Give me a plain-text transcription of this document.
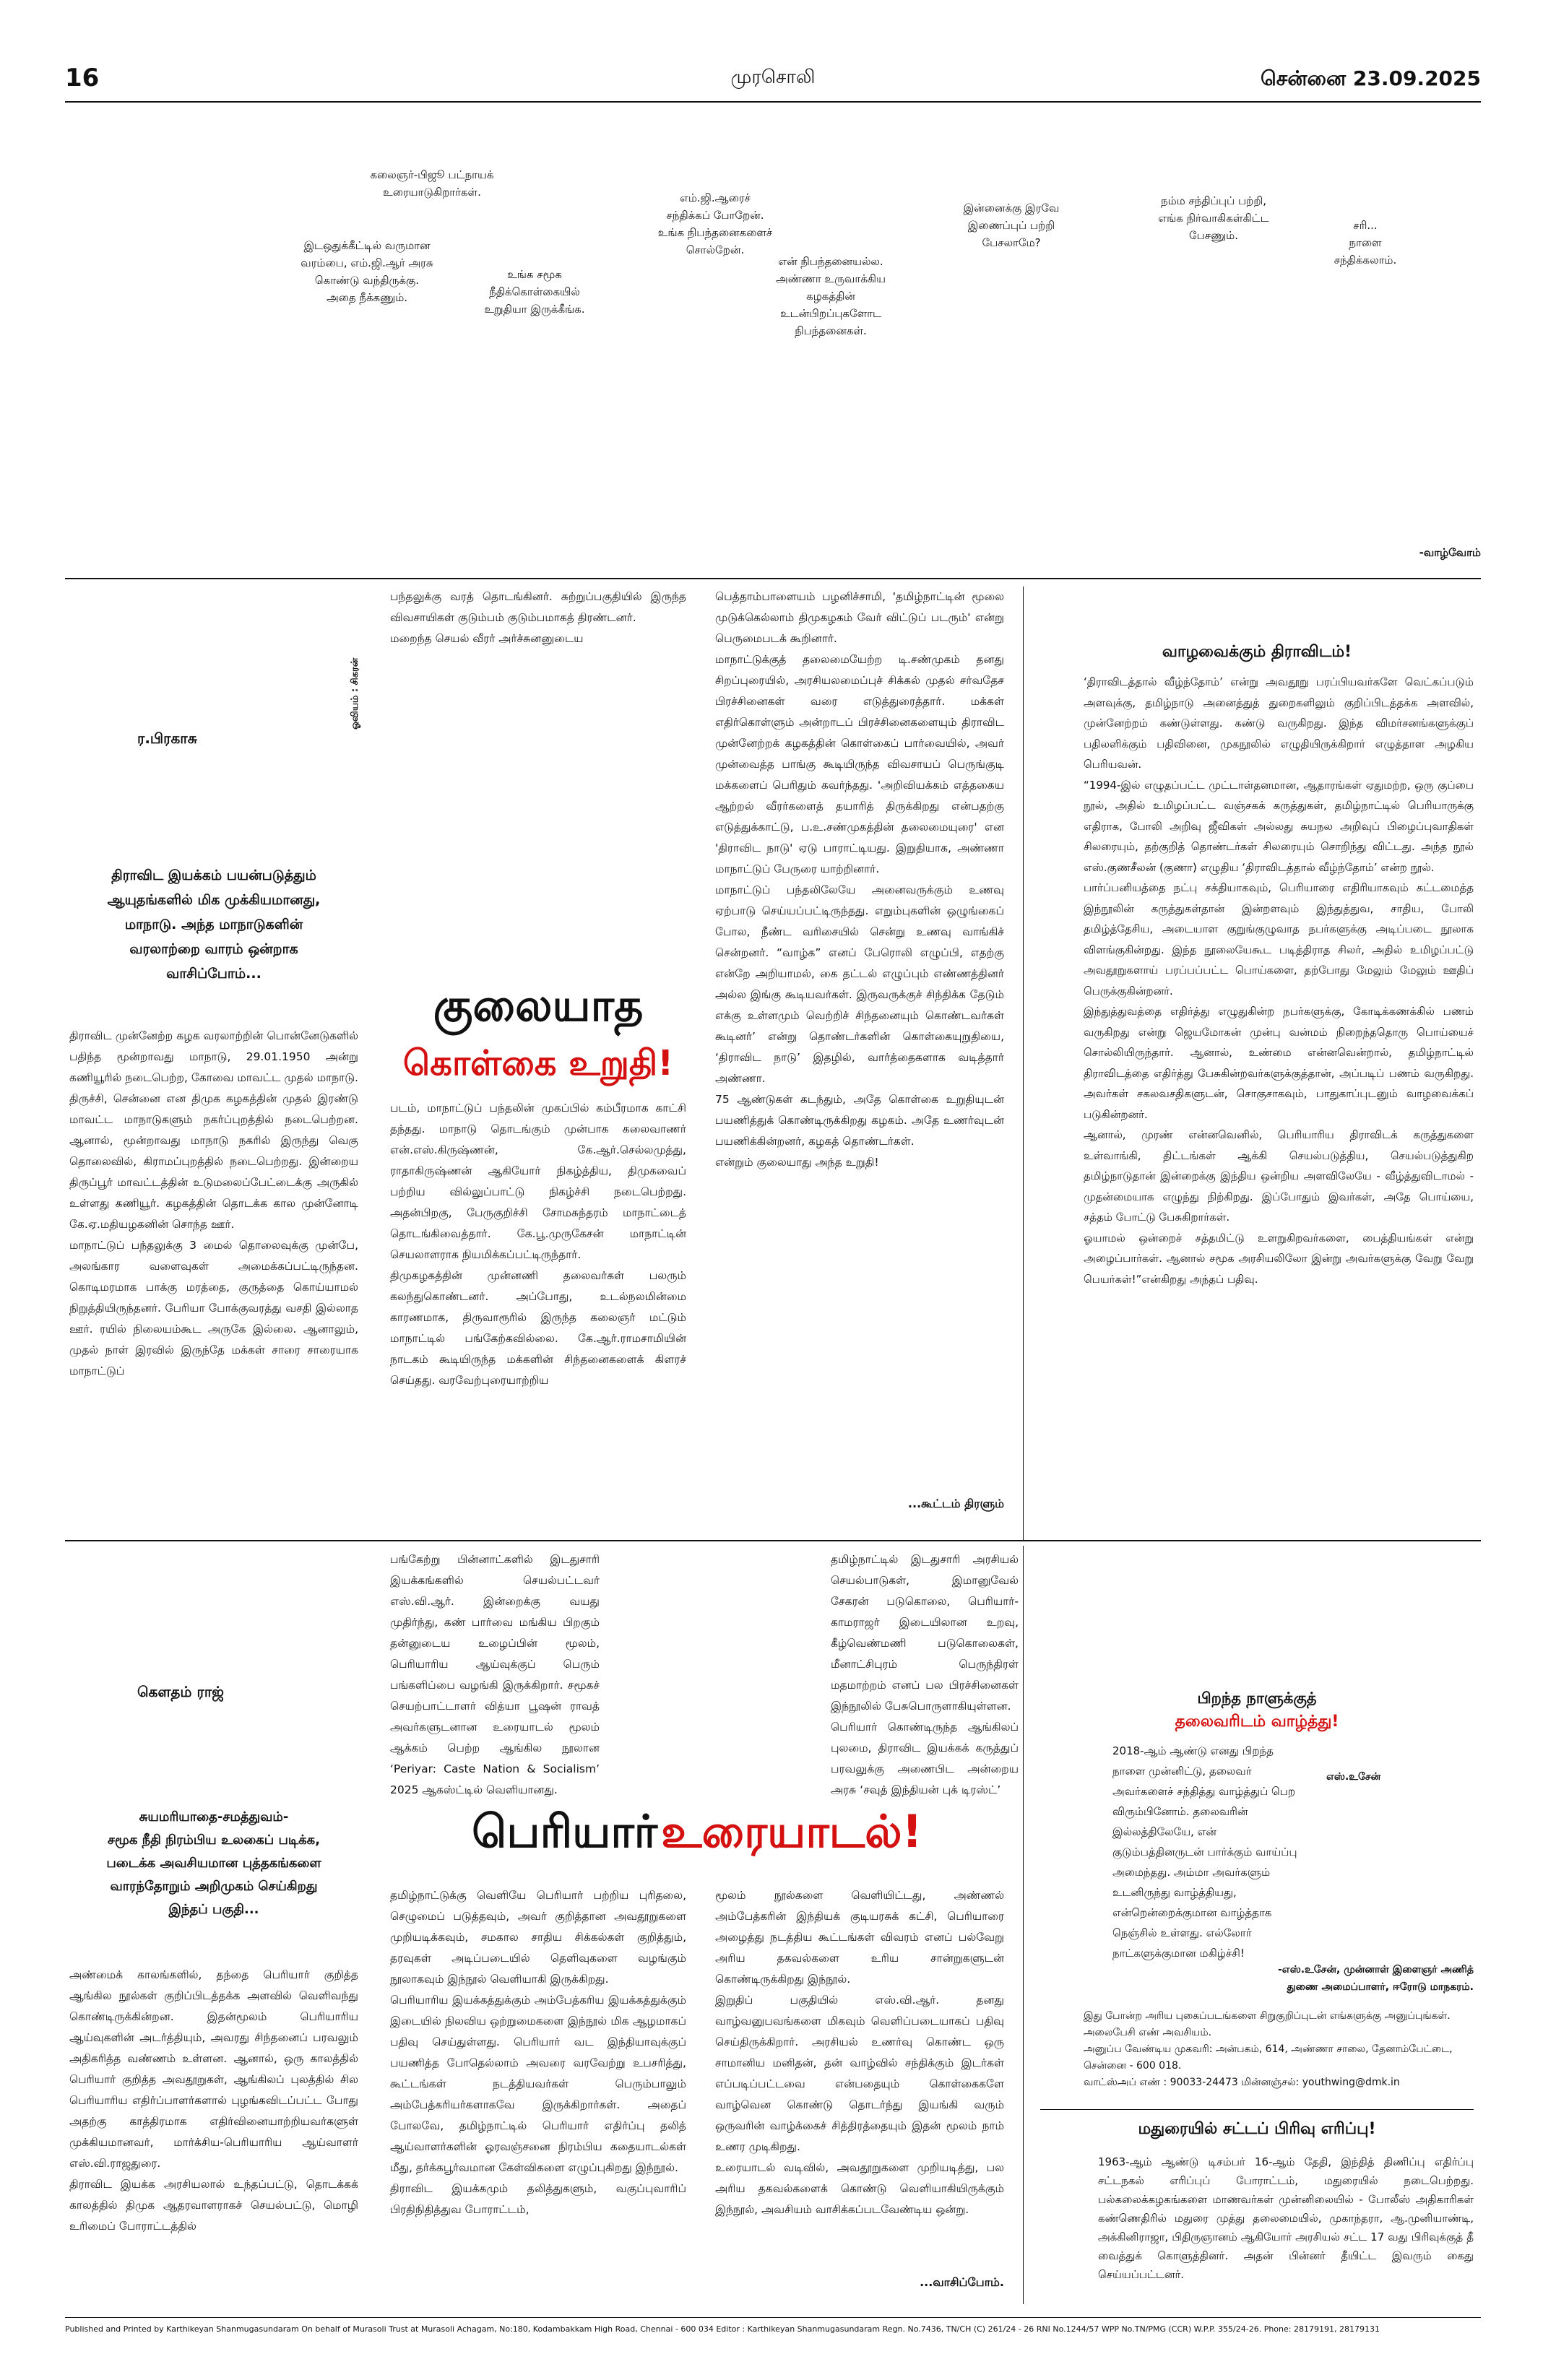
16	முரசொலி	சென்னை 23.09.2025
கலைஞர்-பிஜூ பட்நாயக்
உரையாடுகிறார்கள்.
இடஒதுக்கீட்டில் வருமான
வரம்பை, எம்.ஜி.ஆர் அரசு
கொண்டு வந்திருக்கு.
அதை நீக்கணும்.
உங்க சமூக
நீதிக்கொள்கையில்
உறுதியா இருக்கீங்க.
எம்.ஜி.ஆரைச்
சந்திக்கப் போறேன்.
உங்க நிபந்தனைகளைச்
சொல்றேன்.
என் நிபந்தனையல்ல.
அண்ணா உருவாக்கிய
கழகத்தின்
உடன்பிறப்புகளோட
நிபந்தனைகள்.
இன்னைக்கு இரவே
இணைப்புப் பற்றி
பேசலாமே?
நம்ம சந்திப்புப் பற்றி,
எங்க நிர்வாகிகள்கிட்ட
பேசணும்.
சரி...
நாளை
சந்திக்கலாம்.
-வாழ்வோம்
ர.பிரகாசு
ஓவியம் : சிகரன்
திராவிட இயக்கம் பயன்படுத்தும்
ஆயுதங்களில் மிக முக்கியமானது,
மாநாடு. அந்த மாநாடுகளின்
வரலாற்றை வாரம் ஒன்றாக
வாசிப்போம்...
திராவிட முன்னேற்ற கழக வரலாற்றின் பொன்னேடுகளில் பதிந்த மூன்றாவது மாநாடு, 29.01.1950 அன்று கணியூரில் நடைபெற்ற, கோவை மாவட்ட முதல் மாநாடு. திருச்சி, சென்னை என திமுக கழகத்தின் முதல் இரண்டு மாவட்ட மாநாடுகளும் நகர்ப்புறத்தில் நடைபெற்றன. ஆனால், மூன்றாவது மாநாடு நகரில் இருந்து வெகு தொலைவில், கிராமப்புறத்தில் நடைபெற்றது. இன்றைய திருப்பூர் மாவட்டத்தின் உடுமலைப்பேட்டைக்கு அருகில் உள்ளது கணியூர். கழகத்தின் தொடக்க கால முன்னோடி கே.ஏ.மதியழகனின் சொந்த ஊர்.
மாநாட்டுப் பந்தலுக்கு 3 மைல் தொலைவுக்கு முன்பே, அலங்கார வளைவுகள் அமைக்கப்பட்டிருந்தன. கொடிமரமாக பாக்கு மரத்தை, குருத்தை கொய்யாமல் நிறுத்தியிருந்தனர். பேரியா போக்குவரத்து வசதி இல்லாத ஊர். ரயில் நிலையம்கூட அருகே இல்லை. ஆனாலும், முதல் நாள் இரவில் இருந்தே மக்கள் சாரை சாரையாக மாநாட்டுப்
பந்தலுக்கு வரத் தொடங்கினர். சுற்றுப்பகுதியில் இருந்த விவசாயிகள் குடும்பம் குடும்பமாகத் திரண்டனர்.
மறைந்த செயல் வீரர் அர்ச்சுனனுடைய
குலையாத
கொள்கை உறுதி!
படம், மாநாட்டுப் பந்தலின் முகப்பில் கம்பீரமாக காட்சி தந்தது. மாநாடு தொடங்கும் முன்பாக கலைவாணர் என்.எஸ்.கிருஷ்ணன், கே.ஆர்.செல்லமுத்து, ராதாகிருஷ்ணன் ஆகியோர் நிகழ்த்திய, திமுகவைப் பற்றிய வில்லுப்பாட்டு நிகழ்ச்சி நடைபெற்றது. அதன்பிறகு, பேருகுறிச்சி சோமசுந்தரம் மாநாட்டைத் தொடங்கிவைத்தார். கே.பூ.முருகேசன் மாநாட்டின் செயலாளராக நியமிக்கப்பட்டிருந்தார்.
திமுகழகத்தின் முன்னணி தலைவர்கள் பலரும் கலந்துகொண்டனர். அப்போது, உடல்நலமின்மை காரணமாக, திருவாரூரில் இருந்த கலைஞர் மட்டும் மாநாட்டில் பங்கேற்கவில்லை. கே.ஆர்.ராமசாமியின் நாடகம் கூடியிருந்த மக்களின் சிந்தனைகளைக் கிளரச் செய்தது. வரவேற்புரையாற்றிய
பெத்தாம்பாளையம் பழனிச்சாமி, 'தமிழ்நாட்டின் மூலை முடுக்கெல்லாம் திமுகழகம் வேர் விட்டுப் படரும்' என்று பெருமைபடக் கூறினார்.
மாநாட்டுக்குத் தலைமையேற்ற டி.சண்முகம் தனது சிறப்புரையில், அரசியலமைப்புச் சிக்கல் முதல் சர்வதேச பிரச்சினைகள் வரை எடுத்துரைத்தார். மக்கள் எதிர்கொள்ளும் அன்றாடப் பிரச்சினைகளையும் திராவிட முன்னேற்றக் கழகத்தின் கொள்கைப் பார்வையில், அவர் முன்வைத்த பாங்கு கூடியிருந்த விவசாயப் பெருங்குடி மக்களைப் பெரிதும் கவர்ந்தது. 'அறிவியக்கம் எத்தகைய ஆற்றல் வீரர்களைத் தயாரித் திருக்கிறது என்பதற்கு எடுத்துக்காட்டு, ப.உ.சண்முகத்தின் தலைமையுரை' என 'திராவிட நாடு' ஏடு பாராட்டியது. இறுதியாக, அண்ணா மாநாட்டுப் பேருரை யாற்றினார்.
மாநாட்டுப் பந்தலிலேயே அனைவருக்கும் உணவு ஏற்பாடு செய்யப்பட்டிருந்தது. எறும்புகளின் ஒழுங்கைப் போல, நீண்ட வரிசையில் சென்று உணவு வாங்கிச் சென்றனர். “வாழ்க” எனப் பேரொலி எழுப்பி, எதற்கு என்றே அறியாமல், கை தட்டல் எழுப்பும் எண்ணத்தினர் அல்ல இங்கு கூடியவர்கள். இருவருக்குச் சிந்திக்க தேடும் எக்கு உள்ளமும் வெற்றிச் சிந்தனையும் கொண்டவர்கள் கூடினர்’ என்று தொண்டர்களின் கொள்கையுறுதியை, ‘திராவிட நாடு’ இதழில், வார்த்தைகளாக வடித்தார் அண்ணா.
75 ஆண்டுகள் கடந்தும், அதே கொள்கை உறுதியுடன் பயணித்துக் கொண்டிருக்கிறது கழகம். அதே உணர்வுடன் பயணிக்கின்றனர், கழகத் தொண்டர்கள்.
என்றும் குலையாது அந்த உறுதி!
...கூட்டம் திரளும்
வாழவைக்கும் திராவிடம்!
‘திராவிடத்தால் வீழ்ந்தோம்’ என்று அவதூறு பரப்பியவர்களே வெட்கப்படும் அளவுக்கு, தமிழ்நாடு அனைத்துத் துறைகளிலும் குறிப்பிடத்தக்க அளவில், முன்னேற்றம் கண்டுள்ளது. கண்டு வருகிறது. இந்த விமர்சனங்களுக்குப் பதிலளிக்கும் பதிவினை, முகநூலில் எழுதியிருக்கிறார் எழுத்தாள அழகிய பெரியவன்.
“1994-இல் எழுதப்பட்ட முட்டாள்தனமான, ஆதாரங்கள் ஏதுமற்ற, ஒரு குப்பை நூல், அதில் உமிழப்பட்ட வஞ்சகக் கருத்துகள், தமிழ்நாட்டில் பெரியாருக்கு எதிராக, போலி அறிவு ஜீவிகள் அல்லது சுயநல அறிவுப் பிழைப்புவாதிகள் சிலரையும், தற்குறித் தொண்டர்கள் சிலரையும் சொறிந்து விட்டது. அந்த நூல் எஸ்.குணசீலன் (குணா) எழுதிய ‘திராவிடத்தால் வீழ்ந்தோம்’ என்ற நூல்.
பார்ப்பனியத்தை நட்பு சக்தியாகவும், பெரியாரை எதிரியாகவும் கட்டமைத்த இந்நூலின் கருத்துகள்தான் இன்றளவும் இந்துத்துவ, சாதிய, போலி தமிழ்த்தேசிய, அடையாள குறுங்குழுவாத நபர்களுக்கு அடிப்படை நூலாக விளங்குகின்றது. இந்த நூலையேகூட படித்திராத சிலர், அதில் உமிழப்பட்டு அவதூறுகளாய் பரப்பப்பட்ட பொய்களை, தற்போது மேலும் மேலும் ஊதிப் பெருக்குகின்றனர்.
இந்துத்துவத்தை எதிர்த்து எழுதுகின்ற நபர்களுக்கு, கோடிக்கணக்கில் பணம் வருகிறது என்று ஜெயமோகன் முன்பு வன்மம் நிறைந்ததொரு பொய்யைச் சொல்லியிருந்தார். ஆனால், உண்மை என்னவென்றால், தமிழ்நாட்டில் திராவிடத்தை எதிர்த்து பேசுகின்றவர்களுக்குத்தான், அப்படிப் பணம் வருகிறது. அவர்கள் சகலவசதிகளுடன், சொகுசாகவும், பாதுகாப்புடனும் வாழவைக்கப் படுகின்றனர்.
ஆனால், முரண் என்னவெனில், பெரியாரிய திராவிடக் கருத்துகளை உள்வாங்கி, திட்டங்கள் ஆக்கி செயல்படுத்திய, செயல்படுத்துகிற தமிழ்நாடுதான் இன்றைக்கு இந்திய ஒன்றிய அளவிலேயே - வீழ்த்துவிடாமல் - முதன்மையாக எழுந்து நிற்கிறது. இப்போதும் இவர்கள், அதே பொய்யை, சத்தம் போட்டு பேசுகிறார்கள்.
ஓயாமல் ஒன்றைச் சத்தமிட்டு உளறுகிறவர்களை, பைத்தியங்கள் என்று அழைப்பார்கள். ஆனால் சமூக அரசியலிலோ இன்று அவர்களுக்கு வேறு வேறு பெயர்கள்!”என்கிறது அந்தப் பதிவு.
கௌதம் ராஜ்
சுயமரியாதை-சமத்துவம்-
சமூக நீதி நிரம்பிய உலகைப் படிக்க,
படைக்க அவசியமான புத்தகங்களை
வாரந்தோறும் அறிமுகம் செய்கிறது
இந்தப் பகுதி...
அண்மைக் காலங்களில், தந்தை பெரியார் குறித்த ஆங்கில நூல்கள் குறிப்பிடத்தக்க அளவில் வெளிவந்து கொண்டிருக்கின்றன. இதன்மூலம் பெரியாரிய ஆய்வுகளின் அடர்த்தியும், அவரது சிந்தனைப் பரவலும் அதிகரித்த வண்ணம் உள்ளன. ஆனால், ஒரு காலத்தில் பெரியார் குறித்த அவதூறுகள், ஆங்கிலப் புலத்தில் சில பெரியாரிய எதிர்ப்பாளர்களால் புழங்கவிடப்பட்ட போது அதற்கு காத்திரமாக எதிர்வினையாற்றியவர்களுள் முக்கியமானவர், மார்க்சிய-பெரியாரிய ஆய்வாளர் எஸ்.வி.ராஜதுரை.
திராவிட இயக்க அரசியலால் உந்தப்பட்டு, தொடக்கக் காலத்தில் திமுக ஆதரவாளராகச் செயல்பட்டு, மொழி உரிமைப் போராட்டத்தில்
பங்கேற்று பின்னாட்களில் இடதுசாரி இயக்கங்களில் செயல்பட்டவர் எஸ்.வி.ஆர். இன்றைக்கு வயது முதிர்ந்து, கண் பார்வை மங்கிய பிறகும் தன்னுடைய உழைப்பின் மூலம், பெரியாரிய ஆய்வுக்குப் பெரும் பங்களிப்பை வழங்கி இருக்கிறார். சமூகச் செயற்பாட்டாளர் வித்யா பூஷன் ராவத் அவர்களுடனான உரையாடல் மூலம் ஆக்கம் பெற்ற ஆங்கில நூலான ‘Periyar: Caste Nation & Socialism’ 2025 ஆகஸ்ட்டில் வெளியானது.
பெரியார் உரையாடல்!
தமிழ்நாட்டுக்கு வெளியே பெரியார் பற்றிய புரிதலை, செழுமைப் படுத்தவும், அவர் குறித்தான அவதூறுகளை முறியடிக்கவும், சமகால சாதிய சிக்கல்கள் குறித்தும், தரவுகள் அடிப்படையில் தெளிவுகளை வழங்கும் நூலாகவும் இந்நூல் வெளியாகி இருக்கிறது.
பெரியாரிய இயக்கத்துக்கும் அம்பேத்கரிய இயக்கத்துக்கும் இடையில் நிலவிய ஒற்றுமைகளை இந்நூல் மிக ஆழமாகப் பதிவு செய்துள்ளது. பெரியார் வட இந்தியாவுக்குப் பயணித்த போதெல்லாம் அவரை வரவேற்று உபசரித்து, கூட்டங்கள் நடத்தியவர்கள் பெரும்பாலும் அம்பேத்கரியர்களாகவே இருக்கிறார்கள். அதைப் போலவே, தமிழ்நாட்டில் பெரியார் எதிர்ப்பு தலித் ஆய்வாளர்களின் ஓரவஞ்சனை நிரம்பிய கதையாடல்கள் மீது, தர்க்கபூர்வமான கேள்விகளை எழுப்புகிறது இந்நூல்.
திராவிட இயக்கமும் தலித்துகளும், வகுப்புவாரிப் பிரதிநிதித்துவ போராட்டம்,
தமிழ்நாட்டில் இடதுசாரி அரசியல் செயல்பாடுகள், இமானுவேல் சேகரன் படுகொலை, பெரியார்-காமராஜர் இடையிலான உறவு, கீழ்வெண்மணி படுகொலைகள், மீனாட்சிபுரம் பெருந்திரள் மதமாற்றம் எனப் பல பிரச்சினைகள் இந்நூலில் பேசுபொருளாகியுள்ளன.
பெரியார் கொண்டிருந்த ஆங்கிலப் புலமை, திராவிட இயக்கக் கருத்துப் பரவலுக்கு அணைபிட அன்றைய அரசு ‘சவுத் இந்தியன் புக் டிரஸ்ட்’
மூலம் நூல்களை வெளியிட்டது, அண்ணல் அம்பேத்கரின் இந்தியக் குடியரசுக் கட்சி, பெரியாரை அழைத்து நடத்திய கூட்டங்கள் விவரம் எனப் பல்வேறு அரிய தகவல்களை உரிய சான்றுகளுடன் கொண்டிருக்கிறது இந்நூல்.
இறுதிப் பகுதியில் எஸ்.வி.ஆர். தனது வாழ்வனுபவங்களை மிகவும் வெளிப்படையாகப் பதிவு செய்திருக்கிறார். அரசியல் உணர்வு கொண்ட ஒரு சாமானிய மனிதன், தன் வாழ்வில் சந்திக்கும் இடர்கள் எப்படிப்பட்டவை என்பதையும் கொள்கைகளே வாழ்வென கொண்டு தொடர்ந்து இயங்கி வரும் ஒருவரின் வாழ்க்கைச் சித்திரத்தையும் இதன் மூலம் நாம் உணர முடிகிறது.
உரையாடல் வடிவில், அவதூறுகளை முறியடித்து, பல அரிய தகவல்களைக் கொண்டு வெளியாகியிருக்கும் இந்நூல், அவசியம் வாசிக்கப்படவேண்டிய ஒன்று.
...வாசிப்போம்.
பிறந்த நாளுக்குத்
தலைவரிடம் வாழ்த்து!
2018-ஆம் ஆண்டு எனது பிறந்த நாளை முன்னிட்டு, தலைவர் அவர்களைச் சந்தித்து வாழ்த்துப் பெற விரும்பினோம். தலைவரின் இல்லத்திலேயே, என் குடும்பத்தினருடன் பார்க்கும் வாய்ப்பு அமைந்தது. அம்மா அவர்களும் உடனிருந்து வாழ்த்தியது, என்றென்றைக்குமான வாழ்த்தாக நெஞ்சில் உள்ளது. எல்லோர் நாட்களுக்குமான மகிழ்ச்சி!
எஸ்.உசேன்
-எஸ்.உசேன், முன்னாள் இளைஞர் அணித்
துணை அமைப்பாளர், ஈரோடு மாநகரம்.
இது போன்ற அரிய புகைப்படங்களை சிறுகுறிப்புடன் எங்களுக்கு அனுப்புங்கள். அலைபேசி எண் அவசியம்.
அனுப்ப வேண்டிய முகவரி: அன்பகம், 614, அண்ணா சாலை, தேனாம்பேட்டை, சென்னை - 600 018.
வாட்ஸ்அப் எண் : 90033-24473 மின்னஞ்சல்: youthwing@dmk.in
மதுரையில் சட்டப் பிரிவு எரிப்பு!
1963-ஆம் ஆண்டு டிசம்பர் 16-ஆம் தேதி, இந்தித் திணிப்பு எதிர்ப்பு சட்டநகல் எரிப்புப் போராட்டம், மதுரையில் நடைபெற்றது. பல்கலைக்கழகங்களை மாணவர்கள் முன்னிலையில் - போலீஸ் அதிகாரிகள் கண்ணெதிரில் மதுரை முத்து தலைமையில், முகாந்தரா, ஆ.முனியாண்டி, அக்கினிராஜா, பிதிருஞானம் ஆகியோர் அரசியல் சட்ட 17 வது பிரிவுக்குத் தீ வைத்துக் கொளுத்தினர். அதன் பின்னர் தீயிட்ட இவரும் கைது செய்யப்பட்டனர்.
Published and Printed by Karthikeyan Shanmugasundaram On behalf of Murasoli Trust at Murasoli Achagam, No:180, Kodambakkam High Road, Chennai - 600 034 Editor : Karthikeyan Shanmugasundaram Regn. No.7436, TN/CH (C) 261/24 - 26 RNI No.1244/57 WPP No.TN/PMG (CCR) W.P.P. 355/24-26. Phone: 28179191, 28179131
